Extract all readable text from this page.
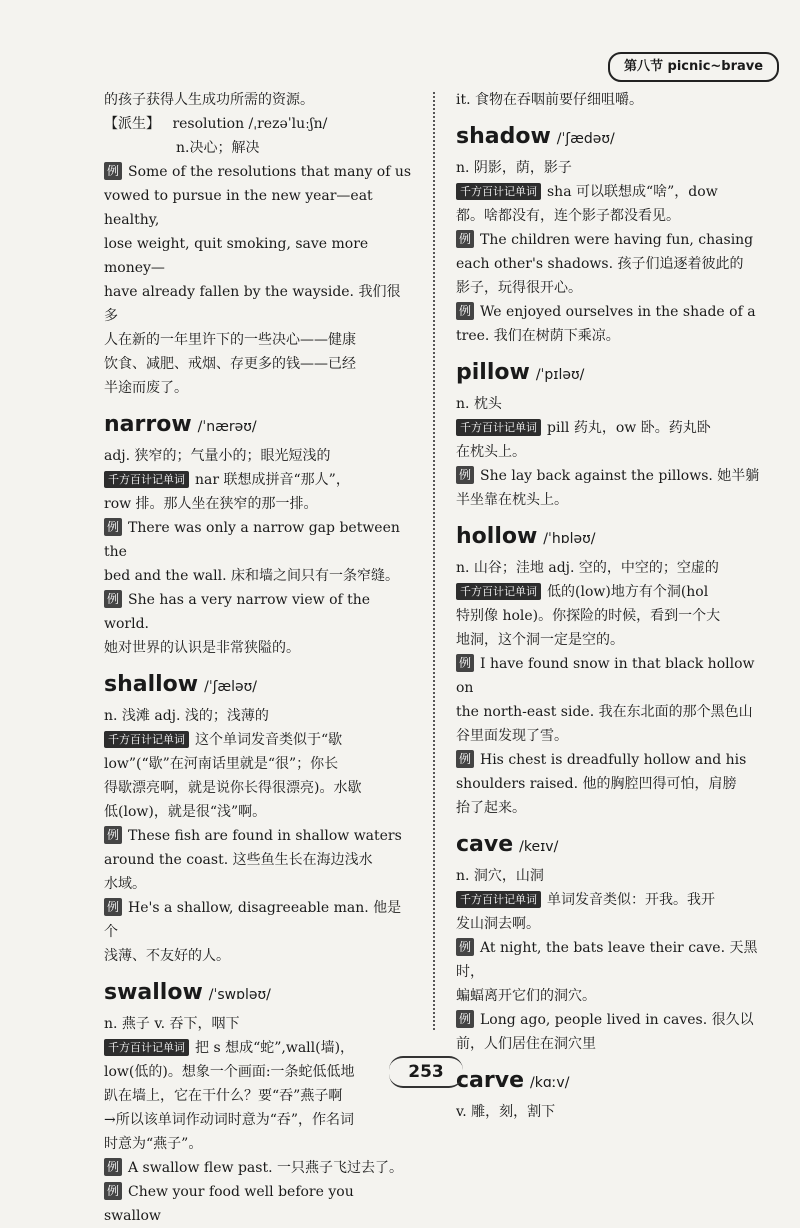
第八节 picnic~brave

的孩子获得人生成功所需的资源。

【派生】 resolution /ˌrezəˈluːʃn/

n.决心；解决

例 Some of the resolutions that many of us

vowed to pursue in the new year—eat healthy,

lose weight, quit smoking, save more money—

have already fallen by the wayside. 我们很多

人在新的一年里许下的一些决心——健康

饮食、减肥、戒烟、存更多的钱——已经

半途而废了。

narrow /ˈnærəʊ/

adj. 狭窄的；气量小的；眼光短浅的

千方百计记单词 nar 联想成拼音“那人”，

row 排。那人坐在狭窄的那一排。

例 There was only a narrow gap between the

bed and the wall. 床和墙之间只有一条窄缝。

例 She has a very narrow view of the world.

她对世界的认识是非常狭隘的。

shallow /ˈʃæləʊ/

n. 浅滩 adj. 浅的；浅薄的

千方百计记单词 这个单词发音类似于“歇

low”(“歇”在河南话里就是“很”；你长

得歇漂亮啊，就是说你长得很漂亮)。水歇

低(low)，就是很“浅”啊。

例 These fish are found in shallow waters

around the coast. 这些鱼生长在海边浅水

水域。

例 He's a shallow, disagreeable man. 他是个

浅薄、不友好的人。

swallow /ˈswɒləʊ/

n. 燕子 v. 吞下，咽下

千方百计记单词 把 s 想成“蛇”,wall(墙)，

low(低的)。想象一个画面:一条蛇低低地

趴在墙上，它在干什么？要“吞”燕子啊

→所以该单词作动词时意为“吞”，作名词

时意为“燕子”。

例 A swallow flew past. 一只燕子飞过去了。

例 Chew your food well before you swallow

it. 食物在吞咽前要仔细咀嚼。

shadow /ˈʃædəʊ/

n. 阴影，荫，影子

千方百计记单词 sha 可以联想成“啥”，dow

都。啥都没有，连个影子都没看见。

例 The children were having fun, chasing

each other's shadows. 孩子们追逐着彼此的

影子，玩得很开心。

例 We enjoyed ourselves in the shade of a

tree. 我们在树荫下乘凉。

pillow /ˈpɪləʊ/

n. 枕头

千方百计记单词 pill 药丸，ow 卧。药丸卧

在枕头上。

例 She lay back against the pillows. 她半躺

半坐靠在枕头上。

hollow /ˈhɒləʊ/

n. 山谷；洼地 adj. 空的，中空的；空虚的

千方百计记单词 低的(low)地方有个洞(hol

特别像 hole)。你探险的时候，看到一个大

地洞，这个洞一定是空的。

例 I have found snow in that black hollow on

the north-east side. 我在东北面的那个黑色山

谷里面发现了雪。

例 His chest is dreadfully hollow and his

shoulders raised. 他的胸腔凹得可怕，肩膀

抬了起来。

cave /keɪv/

n. 洞穴，山洞

千方百计记单词 单词发音类似：开我。我开

发山洞去啊。

例 At night, the bats leave their cave. 天黑时，

蝙蝠离开它们的洞穴。

例 Long ago, people lived in caves. 很久以

前，人们居住在洞穴里

carve /kɑːv/

v. 雕，刻，割下

253
